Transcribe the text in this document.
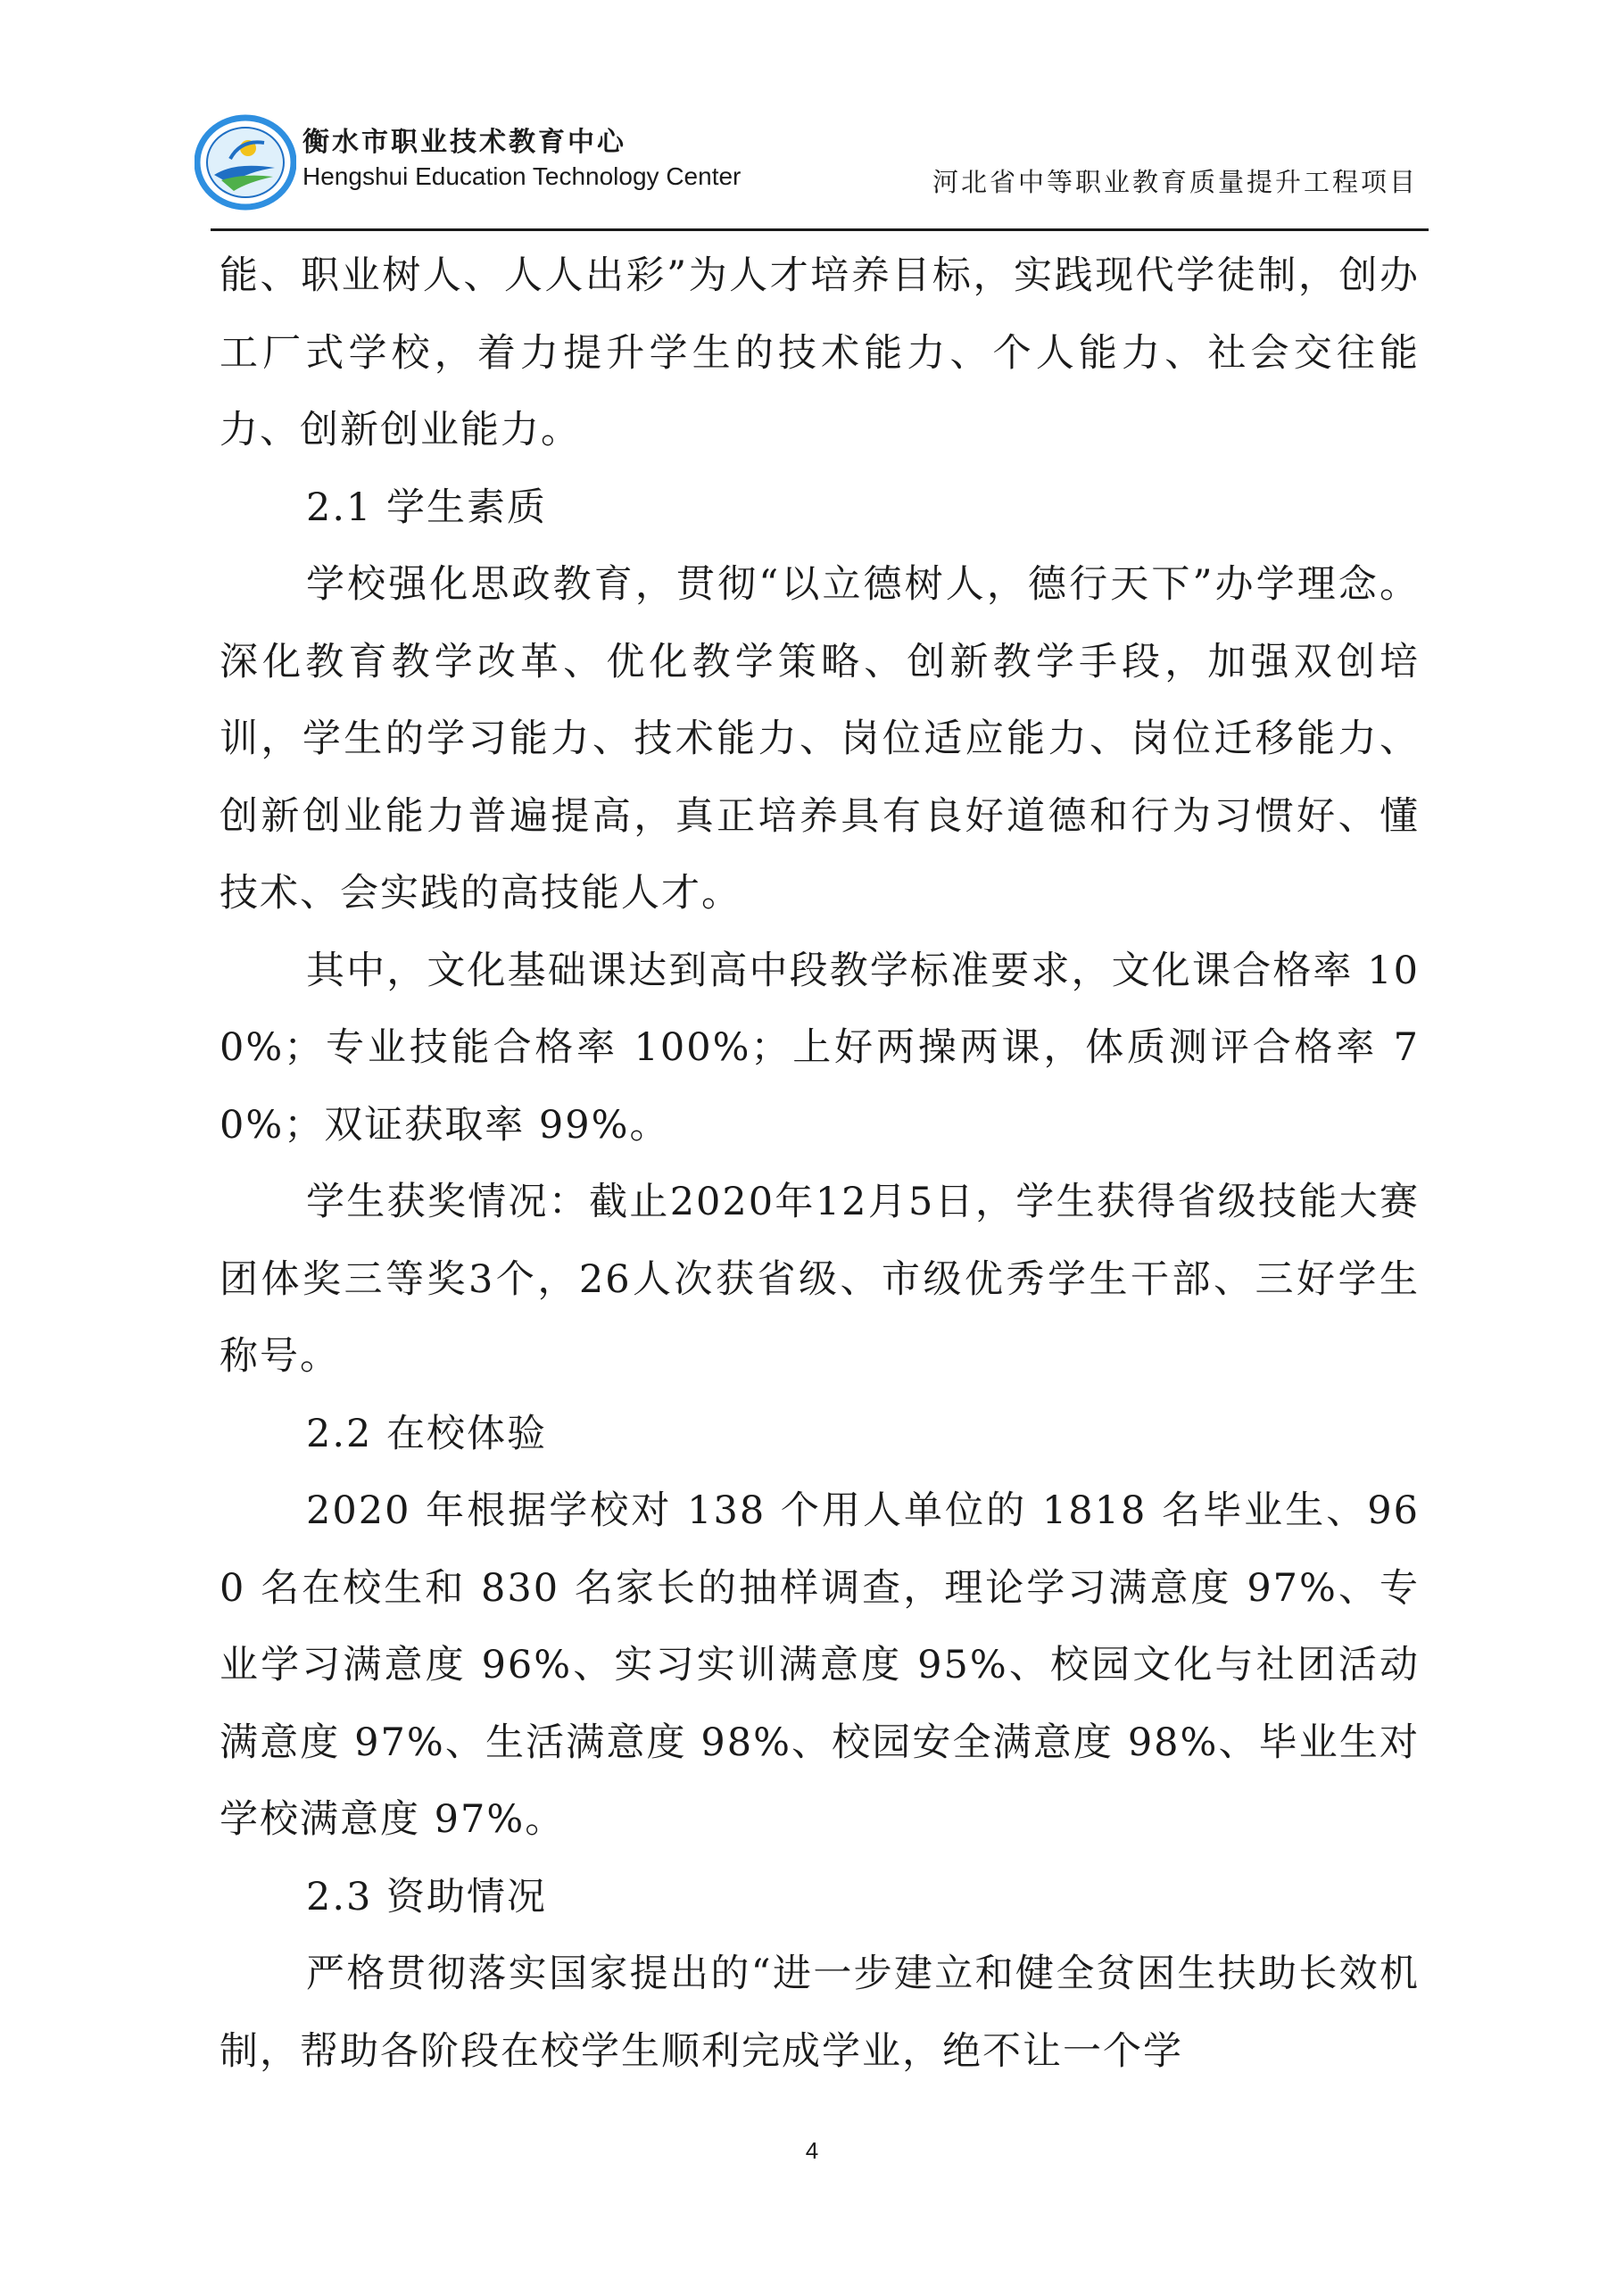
衡水市职业技术教育中心
Hengshui Education Technology Center	河北省中等职业教育质量提升工程项目

能、职业树人、人人出彩”为人才培养目标，实践现代学徒制，创办工厂式学校，着力提升学生的技术能力、个人能力、社会交往能力、创新创业能力。

2.1 学生素质

学校强化思政教育，贯彻“以立德树人，德行天下”办学理念。深化教育教学改革、优化教学策略、创新教学手段，加强双创培训，学生的学习能力、技术能力、岗位适应能力、岗位迁移能力、创新创业能力普遍提高，真正培养具有良好道德和行为习惯好、懂技术、会实践的高技能人才。

其中，文化基础课达到高中段教学标准要求，文化课合格率 100%；专业技能合格率 100%；上好两操两课，体质测评合格率 70%；双证获取率 99%。

学生获奖情况：截止2020年12月5日，学生获得省级技能大赛团体奖三等奖3个，26人次获省级、市级优秀学生干部、三好学生称号。

2.2 在校体验

2020 年根据学校对 138 个用人单位的 1818 名毕业生、960 名在校生和 830 名家长的抽样调查，理论学习满意度 97%、专业学习满意度 96%、实习实训满意度 95%、校园文化与社团活动满意度 97%、生活满意度 98%、校园安全满意度 98%、毕业生对学校满意度 97%。

2.3 资助情况

严格贯彻落实国家提出的“进一步建立和健全贫困生扶助长效机制，帮助各阶段在校学生顺利完成学业，绝不让一个学

4
